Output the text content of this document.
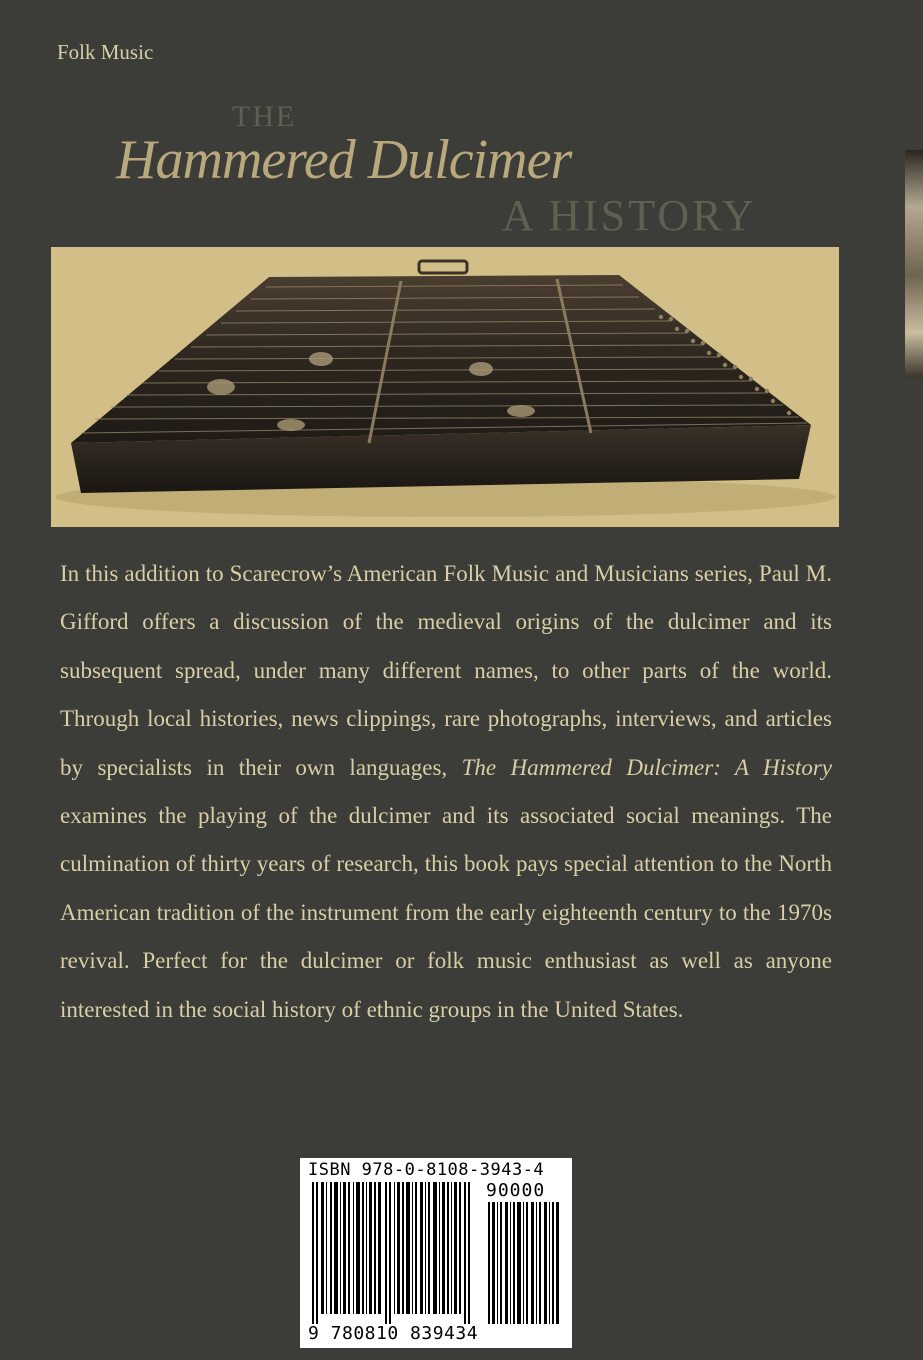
Folk Music
THE
Hammered Dulcimer
A HISTORY
In this addition to Scarecrow’s American Folk Music and Musicians series, Paul M. Gifford offers a discussion of the medieval origins of the dulcimer and its subsequent spread, under many different names, to other parts of the world. Through local histories, news clippings, rare photographs, interviews, and articles by specialists in their own languages, The Hammered Dulcimer: A History examines the playing of the dulcimer and its associated social meanings. The culmination of thirty years of research, this book pays special attention to the North American tradition of the instrument from the early eighteenth century to the 1970s revival. Perfect for the dulcimer or folk music enthusiast as well as anyone interested in the social history of ethnic groups in the United States.
ISBN 978-0-8108-3943-4
90000
9 780810 839434
